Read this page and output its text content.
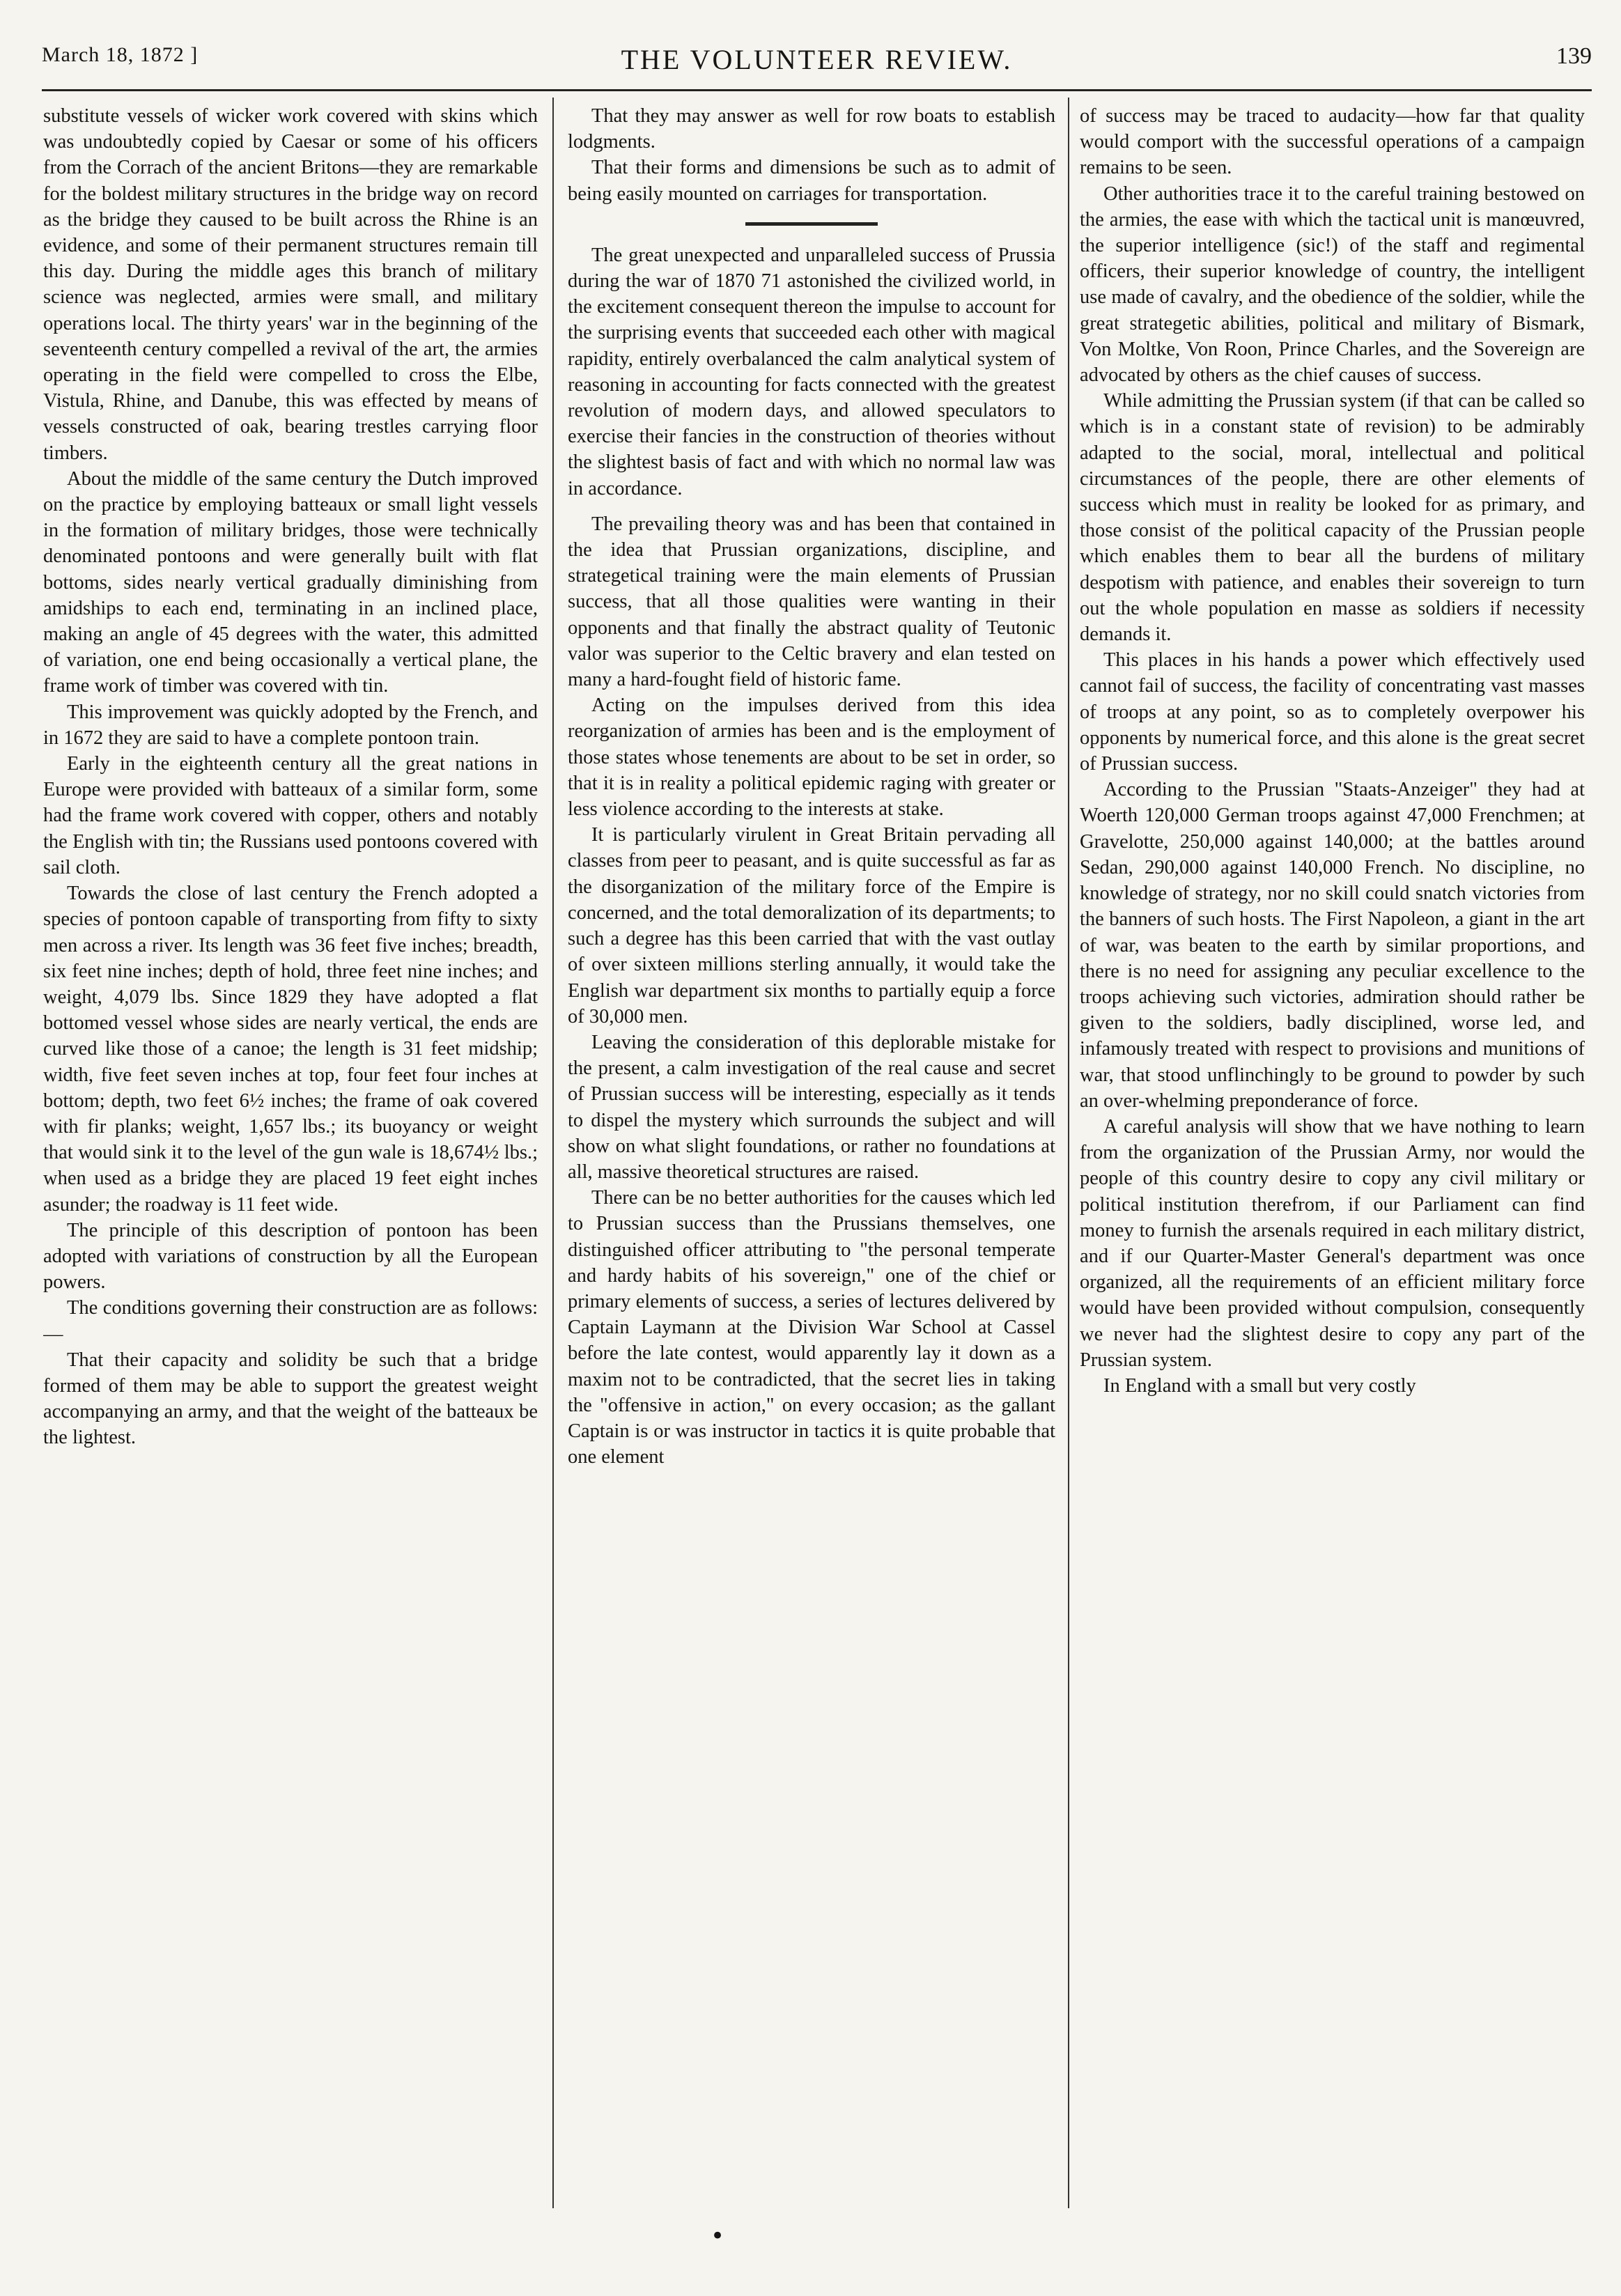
March 18, 1872 ]	THE VOLUNTEER REVIEW.	139

substitute vessels of wicker work covered with skins which was undoubtedly copied by Caesar or some of his officers from the Corrach of the ancient Britons—they are remarkable for the boldest military structures in the bridge way on record as the bridge they caused to be built across the Rhine is an evidence, and some of their permanent structures remain till this day. During the middle ages this branch of military science was neglected, armies were small, and military operations local. The thirty years' war in the beginning of the seventeenth century compelled a revival of the art, the armies operating in the field were compelled to cross the Elbe, Vistula, Rhine, and Danube, this was effected by means of vessels constructed of oak, bearing trestles carrying floor timbers.

About the middle of the same century the Dutch improved on the practice by employing batteaux or small light vessels in the formation of military bridges, those were technically denominated pontoons and were generally built with flat bottoms, sides nearly vertical gradually diminishing from amidships to each end, terminating in an inclined place, making an angle of 45 degrees with the water, this admitted of variation, one end being occasionally a vertical plane, the frame work of timber was covered with tin.

This improvement was quickly adopted by the French, and in 1672 they are said to have a complete pontoon train.

Early in the eighteenth century all the great nations in Europe were provided with batteaux of a similar form, some had the frame work covered with copper, others and notably the English with tin; the Russians used pontoons covered with sail cloth.

Towards the close of last century the French adopted a species of pontoon capable of transporting from fifty to sixty men across a river. Its length was 36 feet five inches; breadth, six feet nine inches; depth of hold, three feet nine inches; and weight, 4,079 lbs. Since 1829 they have adopted a flat bottomed vessel whose sides are nearly vertical, the ends are curved like those of a canoe; the length is 31 feet midship; width, five feet seven inches at top, four feet four inches at bottom; depth, two feet 6½ inches; the frame of oak covered with fir planks; weight, 1,657 lbs.; its buoyancy or weight that would sink it to the level of the gun wale is 18,674½ lbs.; when used as a bridge they are placed 19 feet eight inches asunder; the roadway is 11 feet wide.

The principle of this description of pontoon has been adopted with variations of construction by all the European powers.

The conditions governing their construction are as follows:—

That their capacity and solidity be such that a bridge formed of them may be able to support the greatest weight accompanying an army, and that the weight of the batteaux be the lightest.

That they may answer as well for row boats to establish lodgments.

That their forms and dimensions be such as to admit of being easily mounted on carriages for transportation.

The great unexpected and unparalleled success of Prussia during the war of 1870 71 astonished the civilized world, in the excitement consequent thereon the impulse to account for the surprising events that succeeded each other with magical rapidity, entirely overbalanced the calm analytical system of reasoning in accounting for facts connected with the greatest revolution of modern days, and allowed speculators to exercise their fancies in the construction of theories without the slightest basis of fact and with which no normal law was in accordance.

The prevailing theory was and has been that contained in the idea that Prussian organizations, discipline, and strategetical training were the main elements of Prussian success, that all those qualities were wanting in their opponents and that finally the abstract quality of Teutonic valor was superior to the Celtic bravery and elan tested on many a hard-fought field of historic fame.

Acting on the impulses derived from this idea reorganization of armies has been and is the employment of those states whose tenements are about to be set in order, so that it is in reality a political epidemic raging with greater or less violence according to the interests at stake.

It is particularly virulent in Great Britain pervading all classes from peer to peasant, and is quite successful as far as the disorganization of the military force of the Empire is concerned, and the total demoralization of its departments; to such a degree has this been carried that with the vast outlay of over sixteen millions sterling annually, it would take the English war department six months to partially equip a force of 30,000 men.

Leaving the consideration of this deplorable mistake for the present, a calm investigation of the real cause and secret of Prussian success will be interesting, especially as it tends to dispel the mystery which surrounds the subject and will show on what slight foundations, or rather no foundations at all, massive theoretical structures are raised.

There can be no better authorities for the causes which led to Prussian success than the Prussians themselves, one distinguished officer attributing to "the personal temperate and hardy habits of his sovereign," one of the chief or primary elements of success, a series of lectures delivered by Captain Laymann at the Division War School at Cassel before the late contest, would apparently lay it down as a maxim not to be contradicted, that the secret lies in taking the "offensive in action," on every occasion; as the gallant Captain is or was instructor in tactics it is quite probable that one element

of success may be traced to audacity—how far that quality would comport with the successful operations of a campaign remains to be seen.

Other authorities trace it to the careful training bestowed on the armies, the ease with which the tactical unit is manœuvred, the superior intelligence (sic!) of the staff and regimental officers, their superior knowledge of country, the intelligent use made of cavalry, and the obedience of the soldier, while the great strategetic abilities, political and military of Bismark, Von Moltke, Von Roon, Prince Charles, and the Sovereign are advocated by others as the chief causes of success.

While admitting the Prussian system (if that can be called so which is in a constant state of revision) to be admirably adapted to the social, moral, intellectual and political circumstances of the people, there are other elements of success which must in reality be looked for as primary, and those consist of the political capacity of the Prussian people which enables them to bear all the burdens of military despotism with patience, and enables their sovereign to turn out the whole population en masse as soldiers if necessity demands it.

This places in his hands a power which effectively used cannot fail of success, the facility of concentrating vast masses of troops at any point, so as to completely overpower his opponents by numerical force, and this alone is the great secret of Prussian success.

According to the Prussian "Staats-Anzeiger" they had at Woerth 120,000 German troops against 47,000 Frenchmen; at Gravelotte, 250,000 against 140,000; at the battles around Sedan, 290,000 against 140,000 French. No discipline, no knowledge of strategy, nor no skill could snatch victories from the banners of such hosts. The First Napoleon, a giant in the art of war, was beaten to the earth by similar proportions, and there is no need for assigning any peculiar excellence to the troops achieving such victories, admiration should rather be given to the soldiers, badly disciplined, worse led, and infamously treated with respect to provisions and munitions of war, that stood unflinchingly to be ground to powder by such an over-whelming preponderance of force.

A careful analysis will show that we have nothing to learn from the organization of the Prussian Army, nor would the people of this country desire to copy any civil military or political institution therefrom, if our Parliament can find money to furnish the arsenals required in each military district, and if our Quarter-Master General's department was once organized, all the requirements of an efficient military force would have been provided without compulsion, consequently we never had the slightest desire to copy any part of the Prussian system.

In England with a small but very costly

•
